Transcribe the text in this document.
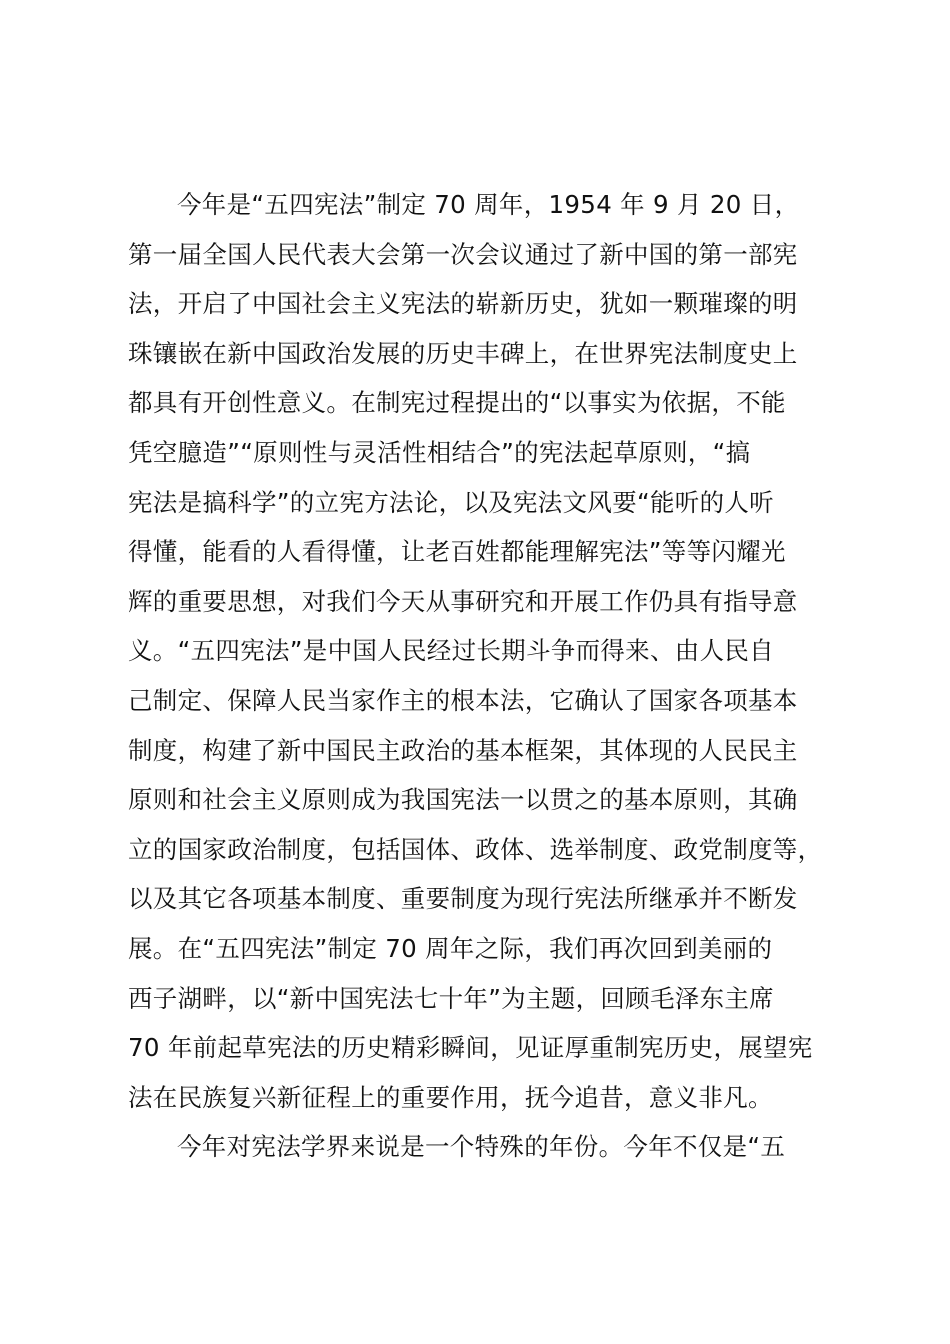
今年是“五四宪法”制定 70 周年，1954 年 9 月 20 日，
第一届全国人民代表大会第一次会议通过了新中国的第一部宪
法，开启了中国社会主义宪法的崭新历史，犹如一颗璀璨的明
珠镶嵌在新中国政治发展的历史丰碑上，在世界宪法制度史上
都具有开创性意义。在制宪过程提出的“以事实为依据，不能
凭空臆造”“原则性与灵活性相结合”的宪法起草原则，“搞
宪法是搞科学”的立宪方法论，以及宪法文风要“能听的人听
得懂，能看的人看得懂，让老百姓都能理解宪法”等等闪耀光
辉的重要思想，对我们今天从事研究和开展工作仍具有指导意
义。“五四宪法”是中国人民经过长期斗争而得来、由人民自
己制定、保障人民当家作主的根本法，它确认了国家各项基本
制度，构建了新中国民主政治的基本框架，其体现的人民民主
原则和社会主义原则成为我国宪法一以贯之的基本原则，其确
立的国家政治制度，包括国体、政体、选举制度、政党制度等，
以及其它各项基本制度、重要制度为现行宪法所继承并不断发
展。在“五四宪法”制定 70 周年之际，我们再次回到美丽的
西子湖畔，以“新中国宪法七十年”为主题，回顾毛泽东主席
70 年前起草宪法的历史精彩瞬间，见证厚重制宪历史，展望宪
法在民族复兴新征程上的重要作用，抚今追昔，意义非凡。
今年对宪法学界来说是一个特殊的年份。今年不仅是“五
